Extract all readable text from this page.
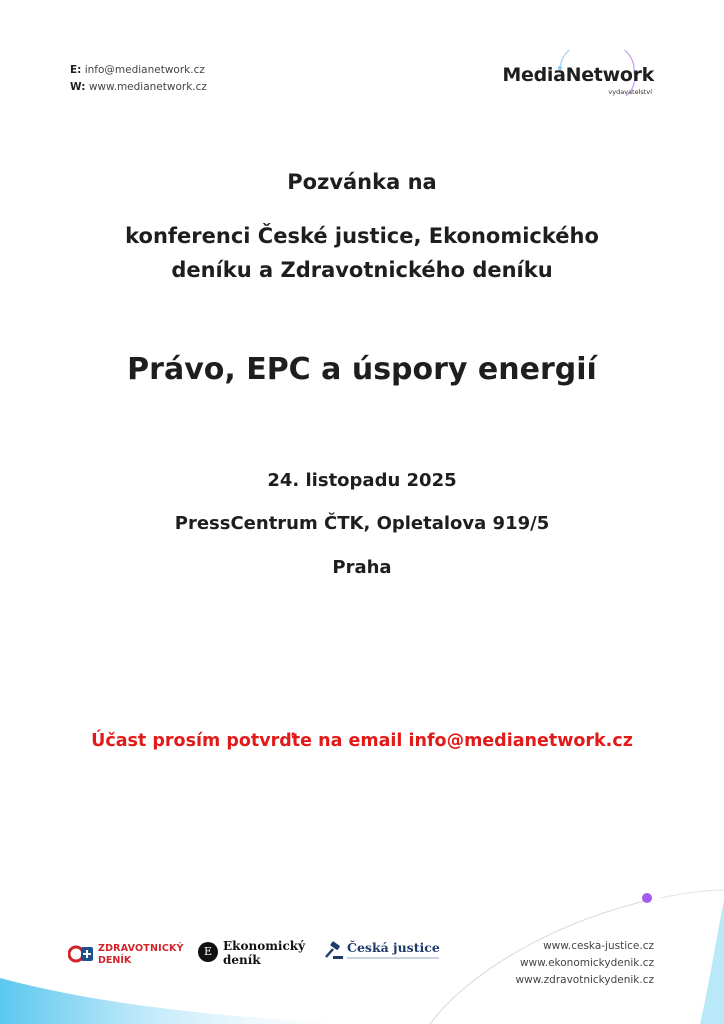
E: info@medianetwork.cz
W: www.medianetwork.cz
MediaNetwork
vydavatelství
Pozvánka na
konferenci České justice, Ekonomického
deníku a Zdravotnického deníku
Právo, EPC a úspory energií
24. listopadu 2025
PressCentrum ČTK, Opletalova 919/5
Praha
Účast prosím potvrďte na email info@medianetwork.cz
ZDRAVOTNICKÝ
DENÍK
E Ekonomický
deník
Česká justice	www.ceska-justice.cz
www.ekonomickydenik.cz
www.zdravotnickydenik.cz
